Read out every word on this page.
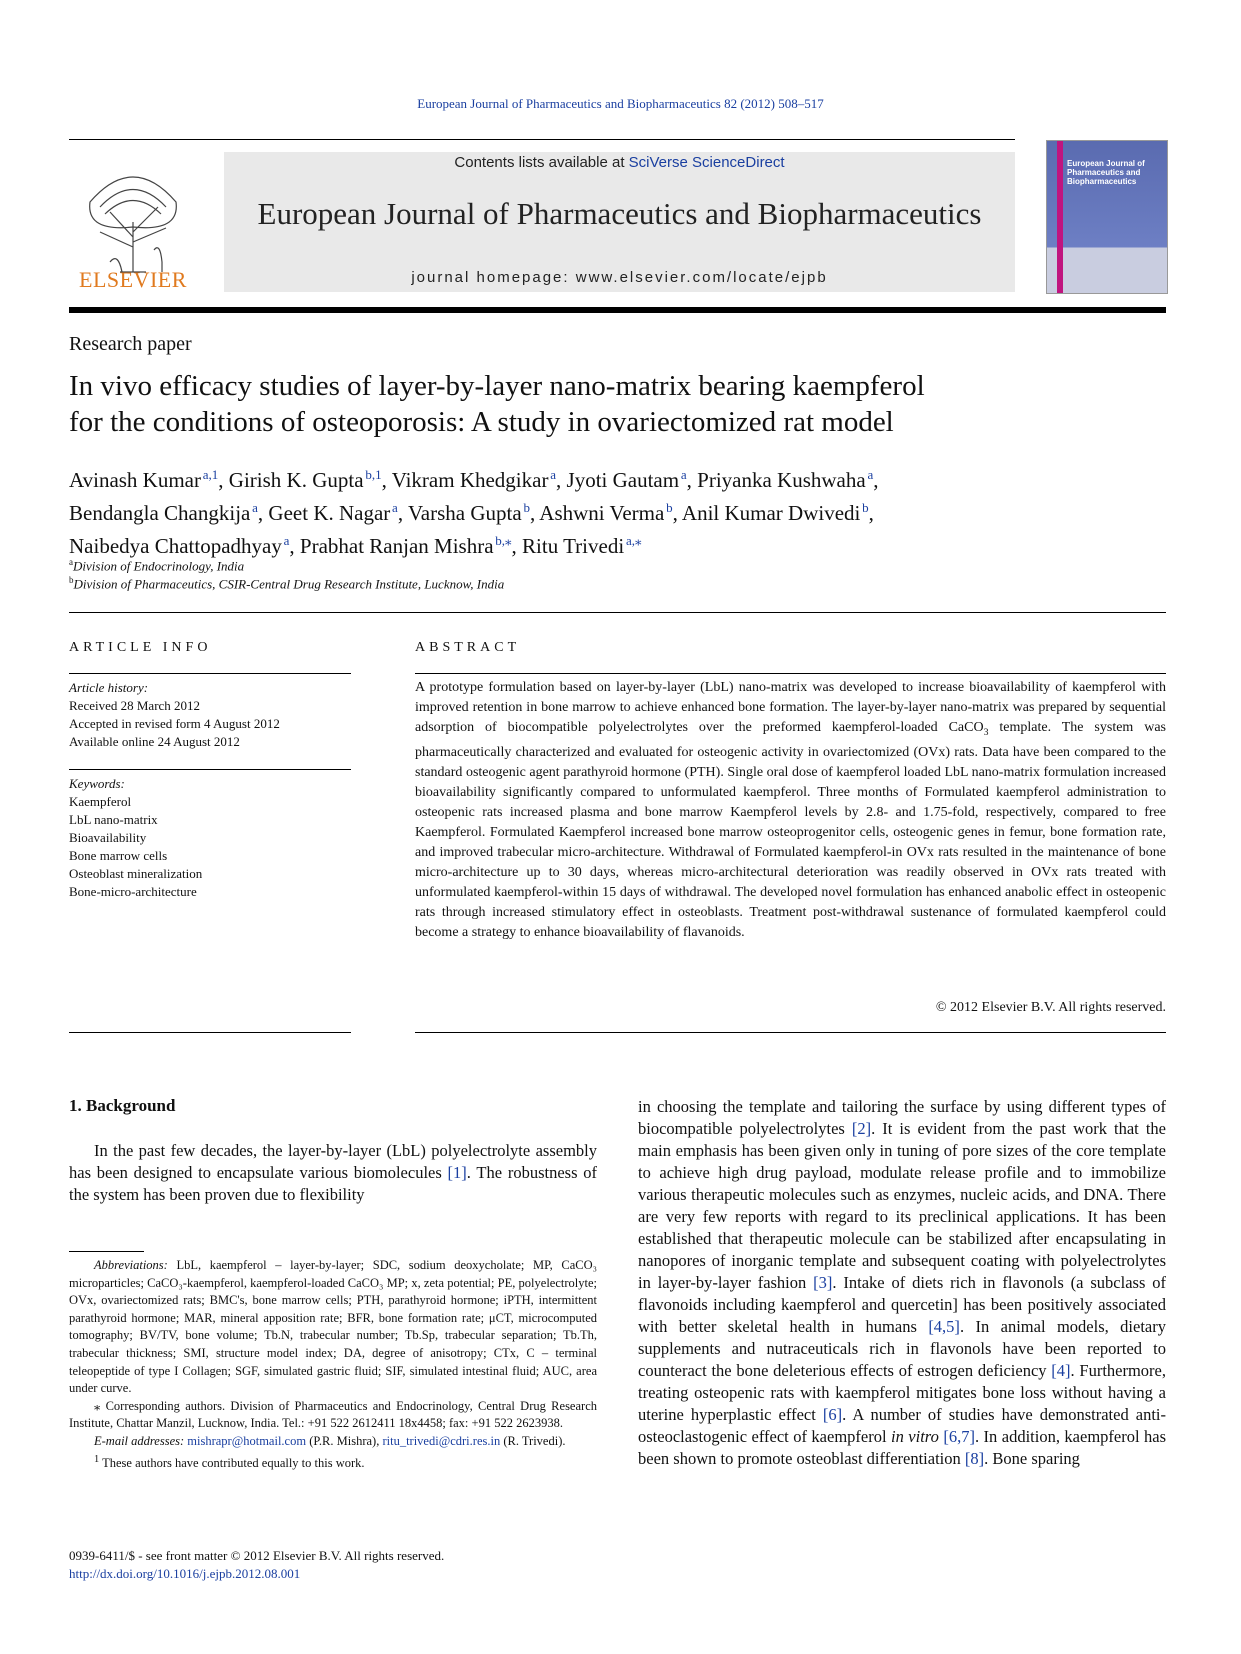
European Journal of Pharmaceutics and Biopharmaceutics 82 (2012) 508–517
ELSEVIER
Contents lists available at SciVerse ScienceDirect
European Journal of Pharmaceutics and Biopharmaceutics
journal homepage: www.elsevier.com/locate/ejpb
European Journal of Pharmaceutics and Biopharmaceutics
Research paper
In vivo efficacy studies of layer-by-layer nano-matrix bearing kaempferol
for the conditions of osteoporosis: A study in ovariectomized rat model
Avinash Kumar  $^{a,1}$, Girish K. Gupta  $^{b,1}$, Vikram Khedgikar  $^a$, Jyoti Gautam  $^a$, Priyanka Kushwaha  $^a$,
Bendangla Changkija  $^a$, Geet K. Nagar  $^a$, Varsha Gupta  $^b$, Ashwni Verma  $^b$, Anil Kumar Dwivedi  $^b$,
Naibedya Chattopadhyay  $^a$, Prabhat Ranjan Mishra  $^{b,⁎}$, Ritu Trivedi  $^{a,⁎}$
$^a$Division of Endocrinology, India
$^b$Division of Pharmaceutics, CSIR-Central Drug Research Institute, Lucknow, India
ARTICLE INFO
Article history:
Received 28 March 2012
Accepted in revised form 4 August 2012
Available online 24 August 2012
Keywords:
Kaempferol
LbL nano-matrix
Bioavailability
Bone marrow cells
Osteoblast mineralization
Bone-micro-architecture
ABSTRACT
A prototype formulation based on layer-by-layer (LbL) nano-matrix was developed to increase bioavailability of kaempferol with improved retention in bone marrow to achieve enhanced bone formation. The layer-by-layer nano-matrix was prepared by sequential adsorption of biocompatible polyelectrolytes over the preformed kaempferol-loaded CaCO$_3$ template. The system was pharmaceutically characterized and evaluated for osteogenic activity in ovariectomized (OVx) rats. Data have been compared to the standard osteogenic agent parathyroid hormone (PTH). Single oral dose of kaempferol loaded LbL nano-matrix formulation increased bioavailability significantly compared to unformulated kaempferol. Three months of Formulated kaempferol administration to osteopenic rats increased plasma and bone marrow Kaempferol levels by 2.8- and 1.75-fold, respectively, compared to free Kaempferol. Formulated Kaempferol increased bone marrow osteoprogenitor cells, osteogenic genes in femur, bone formation rate, and improved trabecular micro-architecture. Withdrawal of Formulated kaempferol-in OVx rats resulted in the maintenance of bone micro-architecture up to 30 days, whereas micro-architectural deterioration was readily observed in OVx rats treated with unformulated kaempferol-within 15 days of withdrawal. The developed novel formulation has enhanced anabolic effect in osteopenic rats through increased stimulatory effect in osteoblasts. Treatment post-withdrawal sustenance of formulated kaempferol could become a strategy to enhance bioavailability of flavanoids.
© 2012 Elsevier B.V. All rights reserved.
1. Background
In the past few decades, the layer-by-layer (LbL) polyelectrolyte assembly has been designed to encapsulate various biomolecules [1]. The robustness of the system has been proven due to flexibility

Abbreviations: LbL, kaempferol – layer-by-layer; SDC, sodium deoxycholate; MP, CaCO₃ microparticles; CaCO₃-kaempferol, kaempferol-loaded CaCO₃ MP; x, zeta potential; PE, polyelectrolyte; OVx, ovariectomized rats; BMC's, bone marrow cells; PTH, parathyroid hormone; iPTH, intermittent parathyroid hormone; MAR, mineral apposition rate; BFR, bone formation rate; μCT, microcomputed tomography; BV/TV, bone volume; Tb.N, trabecular number; Tb.Sp, trabecular separation; Tb.Th, trabecular thickness; SMI, structure model index; DA, degree of anisotropy; CTx, C – terminal teleopeptide of type I Collagen; SGF, simulated gastric fluid; SIF, simulated intestinal fluid; AUC, area under curve.

⁎ Corresponding authors. Division of Pharmaceutics and Endocrinology, Central Drug Research Institute, Chattar Manzil, Lucknow, India. Tel.: +91 522 2612411 18x4458; fax: +91 522 2623938.

E-mail addresses: mishrapr@hotmail.com (P.R. Mishra), ritu_trivedi@cdri.res.in (R. Trivedi).

$^1$ These authors have contributed equally to this work.

0939-6411/$ - see front matter © 2012 Elsevier B.V. All rights reserved.
http://dx.doi.org/10.1016/j.ejpb.2012.08.001
in choosing the template and tailoring the surface by using different types of biocompatible polyelectrolytes [2]. It is evident from the past work that the main emphasis has been given only in tuning of pore sizes of the core template to achieve high drug payload, modulate release profile and to immobilize various therapeutic molecules such as enzymes, nucleic acids, and DNA. There are very few reports with regard to its preclinical applications. It has been established that therapeutic molecule can be stabilized after encapsulating in nanopores of inorganic template and subsequent coating with polyelectrolytes in layer-by-layer fashion [3]. Intake of diets rich in flavonols (a subclass of flavonoids including kaempferol and quercetin] has been positively associated with better skeletal health in humans [4,5]. In animal models, dietary supplements and nutraceuticals rich in flavonols have been reported to counteract the bone deleterious effects of estrogen deficiency [4]. Furthermore, treating osteopenic rats with kaempferol mitigates bone loss without having a uterine hyperplastic effect [6]. A number of studies have demonstrated anti-osteoclastogenic effect of kaempferol in vitro [6,7]. In addition, kaempferol has been shown to promote osteoblast differentiation [8]. Bone sparing
